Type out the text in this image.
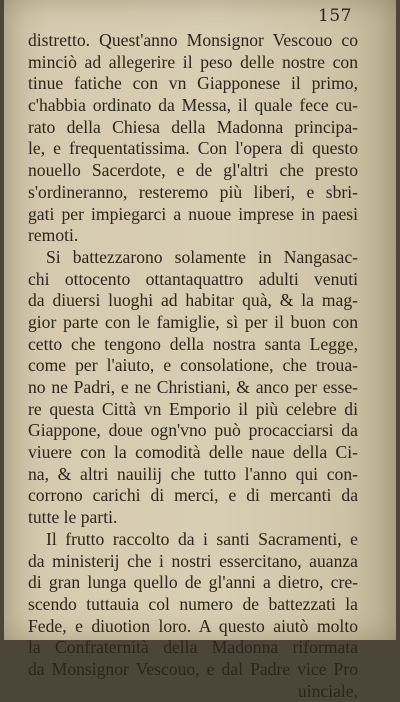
157
distretto. Quest'anno Monsignor Vescouo co
minciò ad allegerire il peso delle nostre con
tinue fatiche con vn Giapponese il primo,
c'habbia ordinato da Messa, il quale fece cu-
rato della Chiesa della Madonna principa-
le, e frequentatissima. Con l'opera di questo
nouello Sacerdote, e de gl'altri che presto
s'ordineranno, resteremo più liberi, e sbri-
gati per impiegarci a nuoue imprese in paesi
remoti.
Si battezzarono solamente in Nangasac-
chi ottocento ottantaquattro adulti venuti
da diuersi luoghi ad habitar quà, & la mag-
gior parte con le famiglie, sì per il buon con
cetto che tengono della nostra santa Legge,
come per l'aiuto, e consolatione, che troua-
no ne Padri, e ne Christiani, & anco per esse-
re questa Città vn Emporio il più celebre di
Giappone, doue ogn'vno può procacciarsi da
viuere con la comodità delle naue della Ci-
na, & altri nauilij che tutto l'anno qui con-
corrono carichi di merci, e di mercanti da
tutte le parti.
Il frutto raccolto da i santi Sacramenti, e
da ministerij che i nostri essercitano, auanza
di gran lunga quello de gl'anni a dietro, cre-
scendo tuttauia col numero de battezzati la
Fede, e diuotion loro. A questo aiutò molto
la Confraternità della Madonna riformata
da Monsignor Vescouo, e dal Padre vice Pro
uinciale,
